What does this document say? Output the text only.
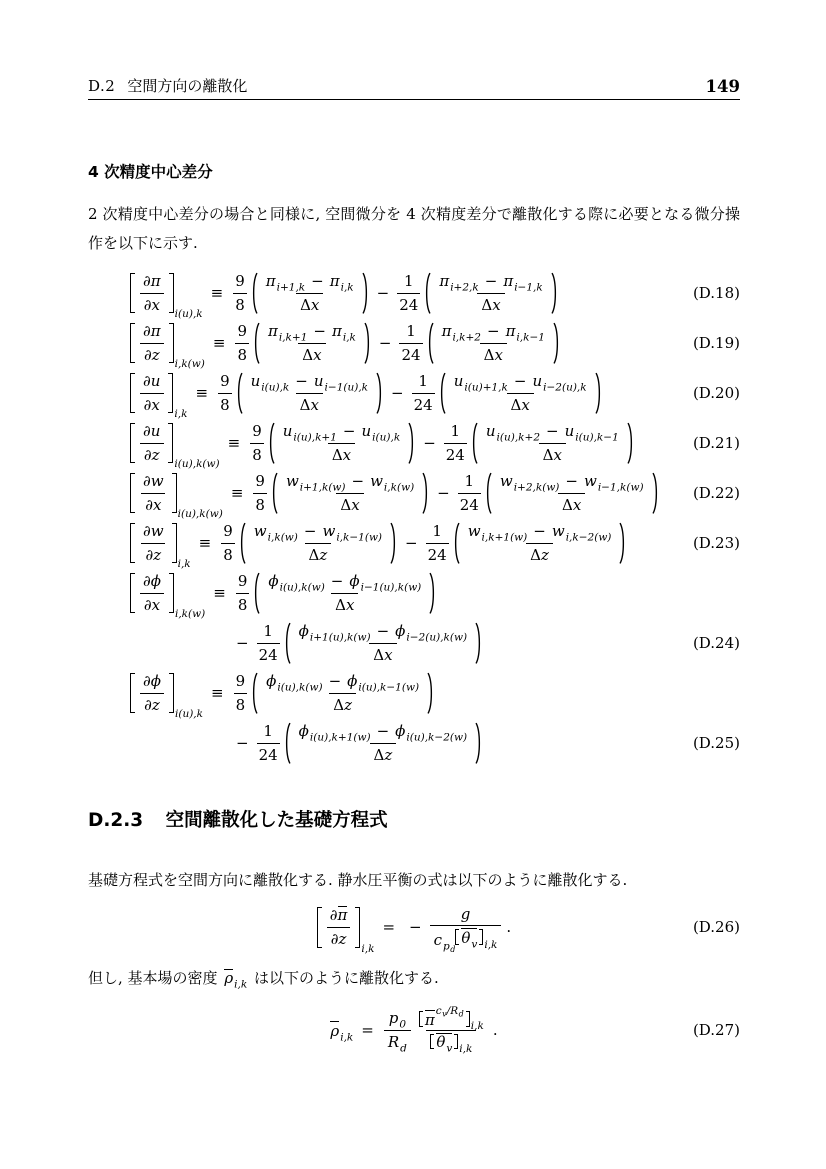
D.2 空間方向の離散化	149
4 次精度中心差分

2 次精度中心差分の場合と同様に, 空間微分を 4 次精度差分で離散化する際に必要となる微分操作を以下に示す.

$\frac{\partial\pi}{\partial x} i(u),k$
≡ $\frac{9}{8} \frac{\text{π i+1,k − π i,k}}{\text{Δ x}} - \frac{1}{24} \frac{\text{π i+2,k − π i−1,k}}{\text{Δ x}}$	(D.18)
$\frac{\partial\pi}{\partial z} i,k(w)$
≡ $\frac{9}{8} \frac{\text{π i,k+1 − π i,k}}{\text{Δ x}} - \frac{1}{24} \frac{\text{π i,k+2 − π i,k−1}}{\text{Δ x}}$	(D.19)
$\frac{\partial u}{\partial x} i,k$
≡ $\frac{9}{8} \frac{\text{u i(u),k − u i−1(u),k}}{\text{Δ x}} - \frac{1}{24} \frac{\text{u i(u)+1,k − u i−2(u),k}}{\text{Δ x}}$	(D.20)
$\frac{\partial u}{\partial z} i(u),k(w)$
≡ $\frac{9}{8} \frac{\text{u i(u),k+1 − u i(u),k}}{\text{Δ x}} - \frac{1}{24} \frac{\text{u i(u),k+2 − u i(u),k−1}}{\text{Δ x}}$	(D.21)
$\frac{\partial w}{\partial x} i(u),k(w)$
≡ $\frac{9}{8} \frac{\text{w i+1,k(w) − w i,k(w)}}{\text{Δ x}} - \frac{1}{24} \frac{\text{w i+2,k(w) − w i−1,k(w)}}{\text{Δ x}}$	(D.22)
$\frac{\partial w}{\partial z} i,k$
≡ $\frac{9}{8} \frac{\text{w i,k(w) − w i,k−1(w)}}{\text{Δ z}} - \frac{1}{24} \frac{\text{w i,k+1(w) − w i,k−2(w)}}{\text{Δ z}}$	(D.23)
$\frac{\partial\phi}{\partial x} i,k(w)$
≡ $\frac{9}{8} \frac{\text{ϕ i(u),k(w) − ϕ i−1(u),k(w)}}{\text{Δ x}}$
− $\frac{1}{24} \frac{\text{ϕ i+1(u),k(w) − ϕ i−2(u),k(w)}}{\text{Δ x}}$	(D.24)
$\frac{\partial\phi}{\partial z} i(u),k$
≡ $\frac{9}{8} \frac{\text{ϕ i(u),k(w) − ϕ i(u),k−1(w)}}{\text{Δ z}}$
− $\frac{1}{24} \frac{\text{ϕ i(u),k+1(w) − ϕ i(u),k−2(w)}}{\text{Δ z}}$	(D.25)
D.2.3 空間離散化した基礎方程式

基礎方程式を空間方向に離散化する. 静水圧平衡の式は以下のように離散化する.

$\frac{\partial \pi}{\partial z} i,k$
= − g
c pd
θ v i,k .	(D.26)

但し, 基本場の密度 ρ i,k は以下のように離散化する.

ρ $i,k = \frac{p 0}{\text{R d}}$ π c v /R d
i,k
θ v i,k .	(D.27)
